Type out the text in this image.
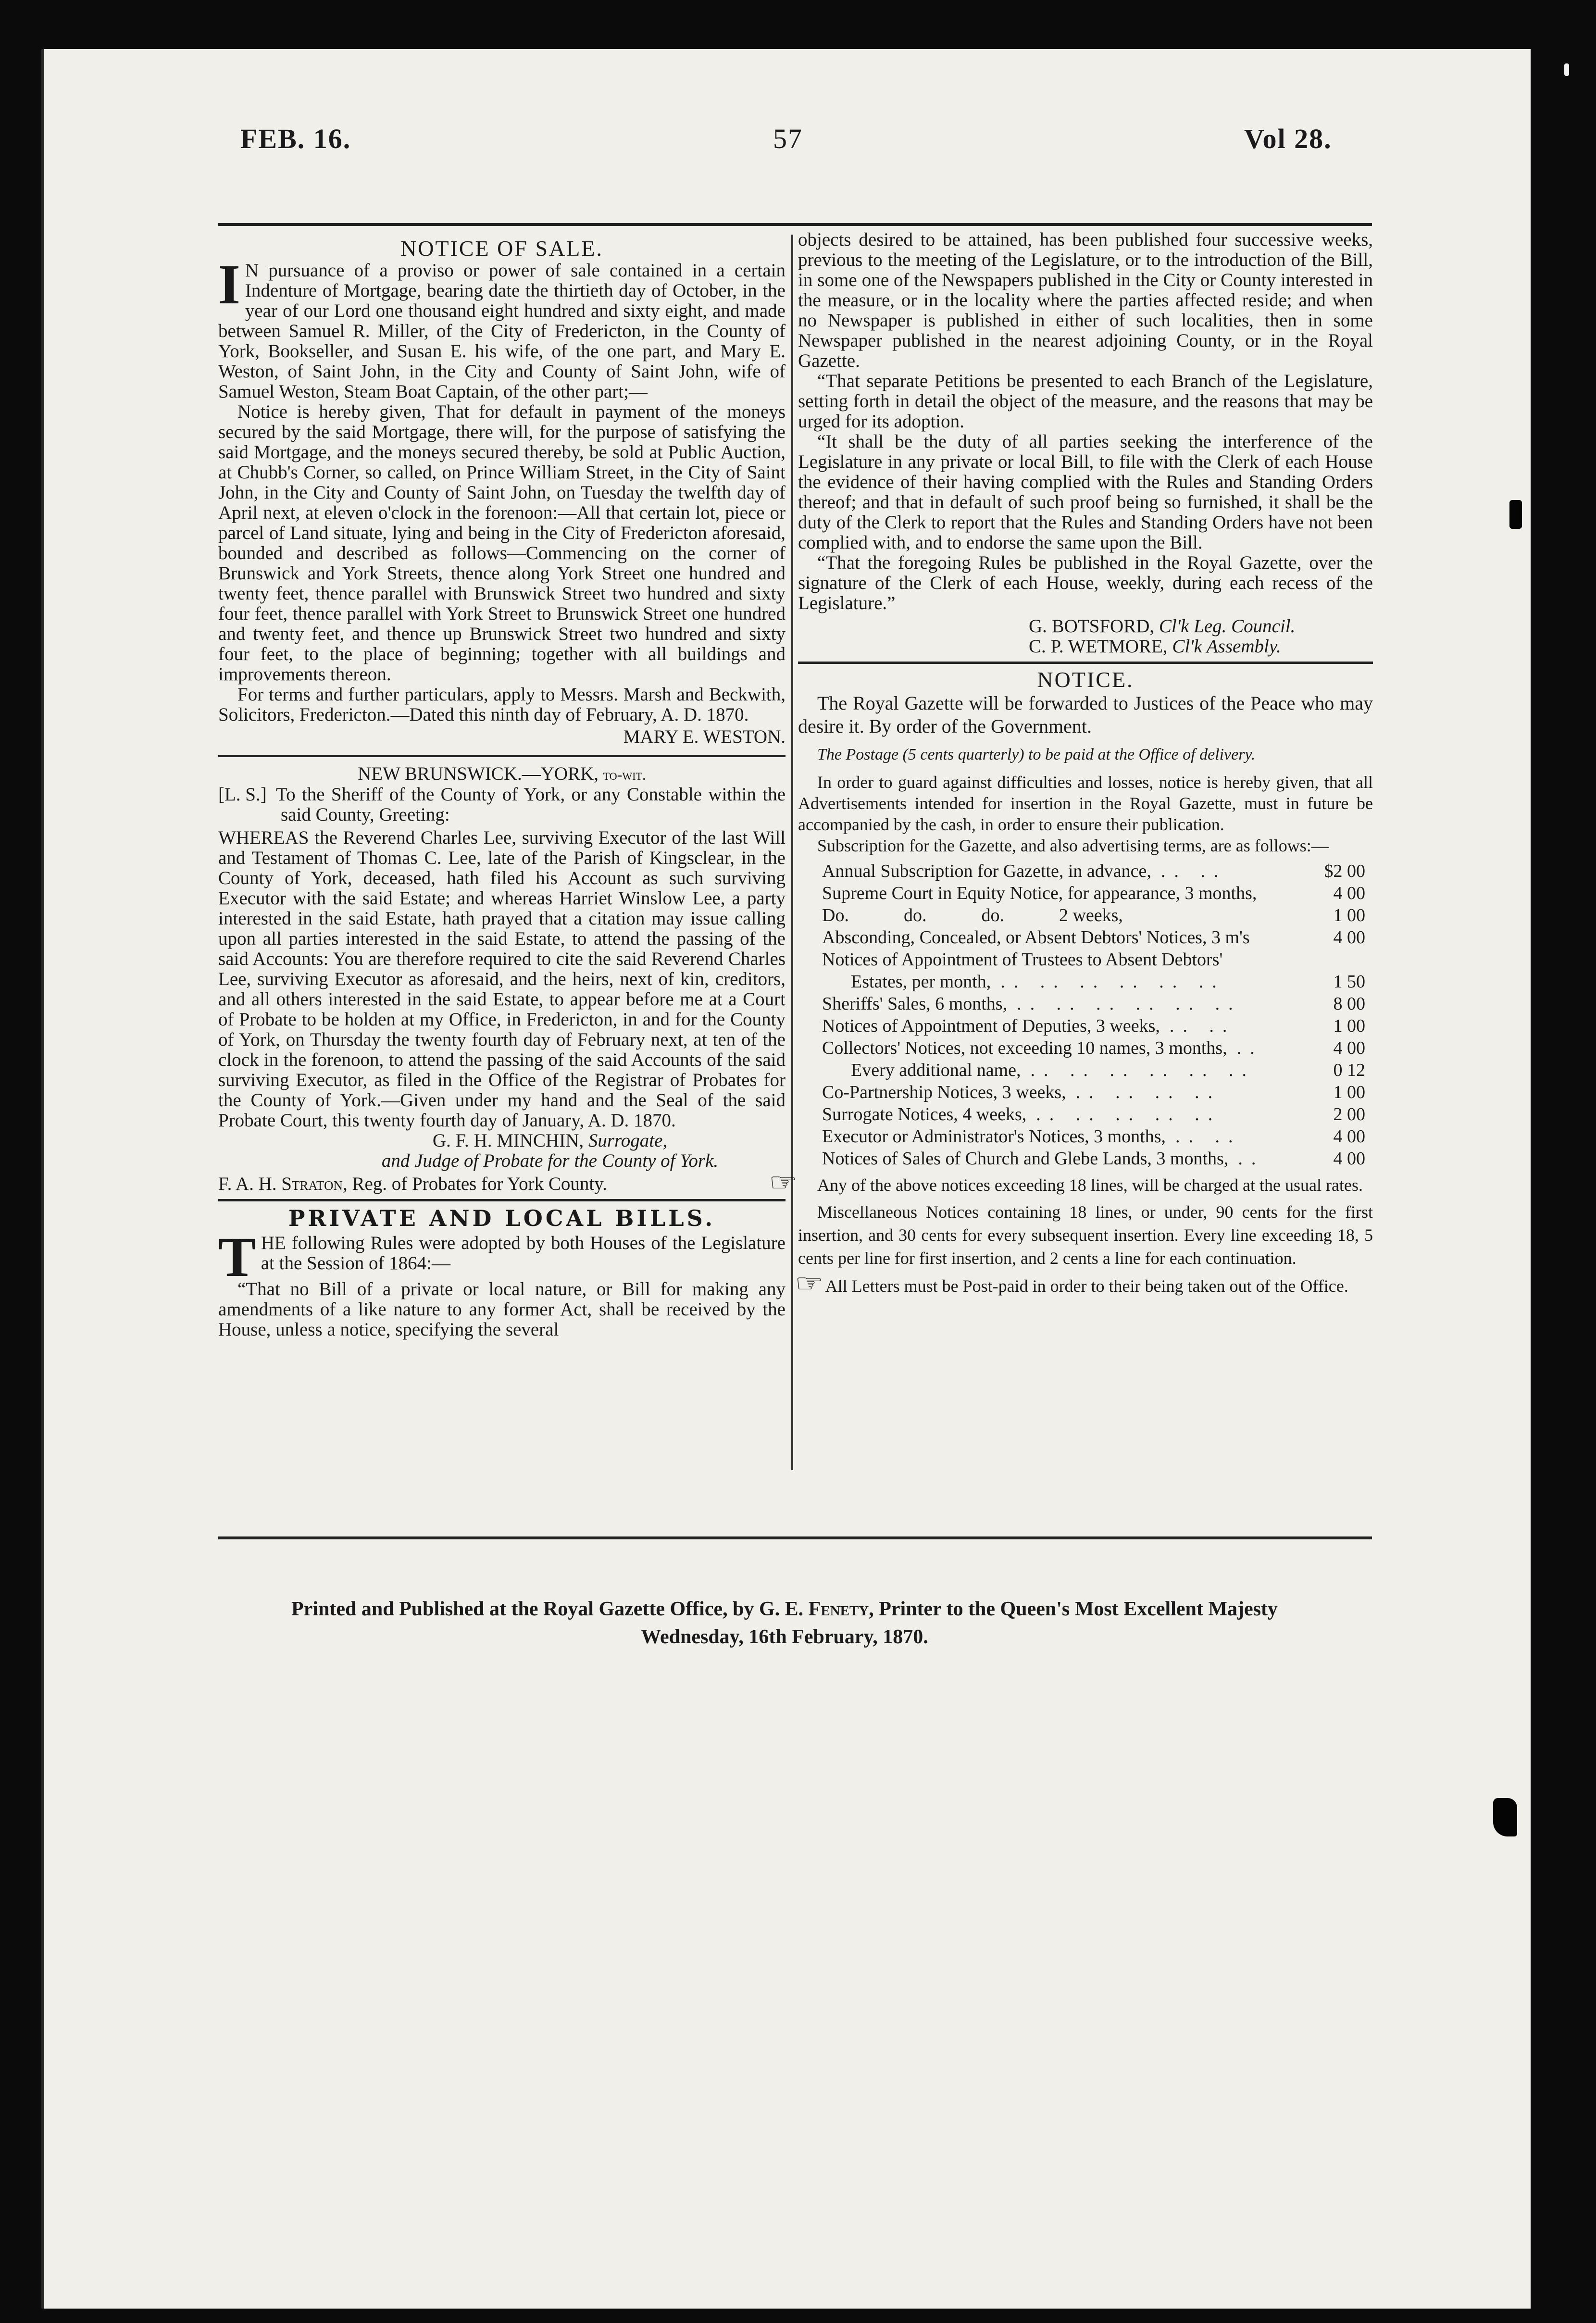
FEB. 16.	57	Vol 28.
NOTICE OF SALE.

I N pursuance of a proviso or power of sale contained in a certain Indenture of Mortgage, bearing date the thirtieth day of October, in the year of our Lord one thousand eight hundred and sixty eight, and made between Samuel R. Miller, of the City of Fredericton, in the County of York, Bookseller, and Susan E. his wife, of the one part, and Mary E. Weston, of Saint John, in the City and County of Saint John, wife of Samuel Weston, Steam Boat Captain, of the other part;—

Notice is hereby given, That for default in payment of the moneys secured by the said Mortgage, there will, for the purpose of satisfying the said Mortgage, and the moneys secured thereby, be sold at Public Auction, at Chubb's Corner, so called, on Prince William Street, in the City of Saint John, in the City and County of Saint John, on Tuesday the twelfth day of April next, at eleven o'clock in the forenoon:—All that certain lot, piece or parcel of Land situate, lying and being in the City of Fredericton aforesaid, bounded and described as follows—Commencing on the corner of Brunswick and York Streets, thence along York Street one hundred and twenty feet, thence parallel with Brunswick Street two hundred and sixty four feet, thence parallel with York Street to Brunswick Street one hundred and twenty feet, and thence up Brunswick Street two hundred and sixty four feet, to the place of beginning; together with all buildings and improvements thereon.

For terms and further particulars, apply to Messrs. Marsh and Beckwith, Solicitors, Fredericton.—Dated this ninth day of February, A. D. 1870.

MARY E. WESTON.

NEW BRUNSWICK.—YORK, to-wit.

[L. S.] To the Sheriff of the County of York, or any Constable within the said County, Greeting:

WHEREAS the Reverend Charles Lee, surviving Executor of the last Will and Testament of Thomas C. Lee, late of the Parish of Kingsclear, in the County of York, deceased, hath filed his Account as such surviving Executor with the said Estate; and whereas Harriet Winslow Lee, a party interested in the said Estate, hath prayed that a citation may issue calling upon all parties interested in the said Estate, to attend the passing of the said Accounts: You are therefore required to cite the said Reverend Charles Lee, surviving Executor as aforesaid, and the heirs, next of kin, creditors, and all others interested in the said Estate, to appear before me at a Court of Probate to be holden at my Office, in Fredericton, in and for the County of York, on Thursday the twenty fourth day of February next, at ten of the clock in the forenoon, to attend the passing of the said Accounts of the said surviving Executor, as filed in the Office of the Registrar of Probates for the County of York.—Given under my hand and the Seal of the said Probate Court, this twenty fourth day of January, A. D. 1870.

G. F. H. MINCHIN, Surrogate,

and Judge of Probate for the County of York.

F. A. H. Straton, Reg. of Probates for York County.

PRIVATE AND LOCAL BILLS.

THE following Rules were adopted by both Houses of the Legislature at the Session of 1864:—

“That no Bill of a private or local nature, or Bill for making any amendments of a like nature to any former Act, shall be received by the House, unless a notice, specifying the several

objects desired to be attained, has been published four successive weeks, previous to the meeting of the Legislature, or to the introduction of the Bill, in some one of the Newspapers published in the City or County interested in the measure, or in the locality where the parties affected reside; and when no Newspaper is published in either of such localities, then in some Newspaper published in the nearest adjoining County, or in the Royal Gazette.

“That separate Petitions be presented to each Branch of the Legislature, setting forth in detail the object of the measure, and the reasons that may be urged for its adoption.

“It shall be the duty of all parties seeking the interference of the Legislature in any private or local Bill, to file with the Clerk of each House the evidence of their having complied with the Rules and Standing Orders thereof; and that in default of such proof being so furnished, it shall be the duty of the Clerk to report that the Rules and Standing Orders have not been complied with, and to endorse the same upon the Bill.

“That the foregoing Rules be published in the Royal Gazette, over the signature of the Clerk of each House, weekly, during each recess of the Legislature.”

G. BOTSFORD, Cl'k Leg. Council.

C. P. WETMORE, Cl'k Assembly.

NOTICE.

The Royal Gazette will be forwarded to Justices of the Peace who may desire it. By order of the Government.

The Postage (5 cents quarterly) to be paid at the Office of delivery.

In order to guard against difficulties and losses, notice is hereby given, that all Advertisements intended for insertion in the Royal Gazette, must in future be accompanied by the cash, in order to ensure their publication.

Subscription for the Gazette, and also advertising terms, are as follows:—

Annual Subscription for Gazette, in advance, .. ..	$2 00
Supreme Court in Equity Notice, for appearance, 3 months,	4 00
Do.            do.            do.            2 weeks,	1 00
Absconding, Concealed, or Absent Debtors' Notices, 3 m's	4 00
Notices of Appointment of Trustees to Absent Debtors'	
Estates, per month, .. .. .. .. .. ..	1 50
Sheriffs' Sales, 6 months, .. .. .. .. .. ..	8 00
Notices of Appointment of Deputies, 3 weeks, .. ..	1 00
Collectors' Notices, not exceeding 10 names, 3 months, ..	4 00
Every additional name, .. .. .. .. .. ..	0 12
Co-Partnership Notices, 3 weeks, .. .. .. ..	1 00
Surrogate Notices, 4 weeks, .. .. .. .. ..	2 00
Executor or Administrator's Notices, 3 months, .. ..	4 00
Notices of Sales of Church and Glebe Lands, 3 months, ..	4 00

Any of the above notices exceeding 18 lines, will be charged at the usual rates.

Miscellaneous Notices containing 18 lines, or under, 90 cents for the first insertion, and 30 cents for every subsequent insertion. Every line exceeding 18, 5 cents per line for first insertion, and 2 cents a line for each continuation.

☞All Letters must be Post-paid in order to their being taken out of the Office.

Printed and Published at the Royal Gazette Office, by G. E. Fenety, Printer to the Queen's Most Excellent Majesty
Wednesday, 16th February, 1870.
